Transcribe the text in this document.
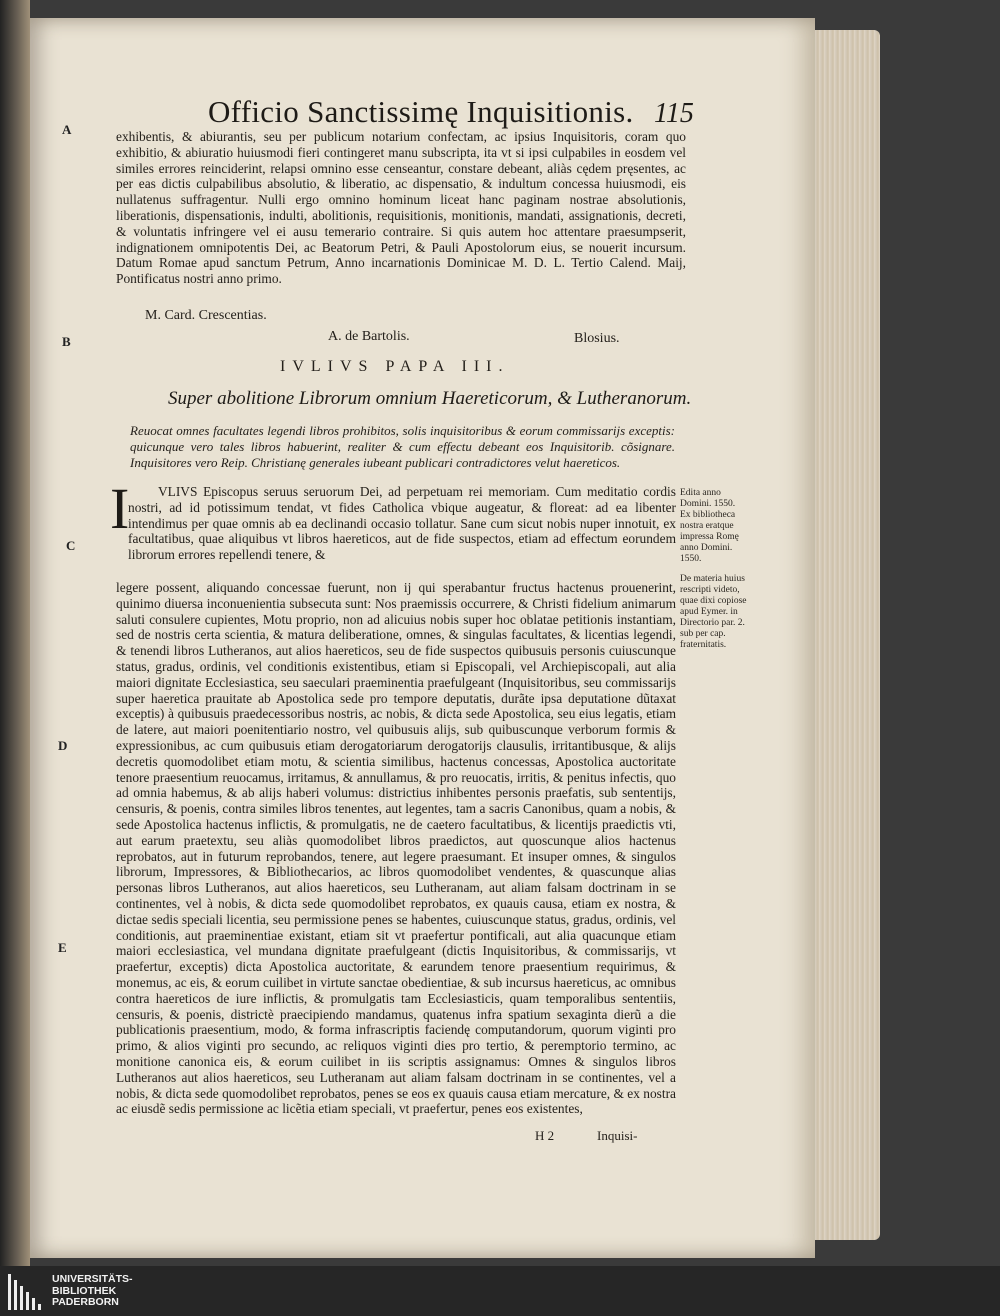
Officio Sanctissimę Inquisitionis. 115
A
B
C
D
E
exhibentis, & abiurantis, seu per publicum notarium confectam, ac ipsius Inquisitoris, coram quo exhibitio, & abiuratio huiusmodi fieri contingeret manu subscripta, ita vt si ipsi culpabiles in eosdem vel similes errores reinciderint, relapsi omnino esse censeantur, constare debeant, aliàs cędem pręsentes, ac per eas dictis culpabilibus absolutio, & liberatio, ac dispensatio, & indultum concessa huiusmodi, eis nullatenus suffragentur. Nulli ergo omnino hominum liceat hanc paginam nostrae absolutionis, liberationis, dispensationis, indulti, abolitionis, requisitionis, monitionis, mandati, assignationis, decreti, & voluntatis infringere vel ei ausu temerario contraire. Si quis autem hoc attentare praesumpserit, indignationem omnipotentis Dei, ac Beatorum Petri, & Pauli Apostolorum eius, se nouerit incursum. Datum Romae apud sanctum Petrum, Anno incarnationis Dominicae M. D. L. Tertio Calend. Maij, Pontificatus nostri anno primo.
M. Card. Crescentias.
A. de Bartolis.	Blosius.
IVLIVS PAPA III.
Super abolitione Librorum omnium Haereticorum, & Lutheranorum.
Reuocat omnes facultates legendi libros prohibitos, solis inquisitoribus & eorum commissarijs exceptis: quicunque vero tales libros habuerint, realiter & cum effectu debeant eos Inquisitorib. cõsignare. Inquisitores vero Reip. Christianę generales iubeant publicari contradictores velut haereticos.
I	VLIVS Episcopus seruus seruorum Dei, ad perpetuam rei memoriam. Cum meditatio cordis nostri, ad id potissimum tendat, vt fides Catholica vbique augeatur, & floreat: ad ea libenter intendimus per quae omnis ab ea declinandi occasio tollatur. Sane cum sicut nobis nuper innotuit, ex facultatibus, quae aliquibus vt libros haereticos, aut de fide suspectos, etiam ad effectum eorundem librorum errores repellendi tenere, &
legere possent, aliquando concessae fuerunt, non ij qui sperabantur fructus hactenus prouenerint, quinimo diuersa inconuenientia subsecuta sunt: Nos praemissis occurrere, & Christi fidelium animarum saluti consulere cupientes, Motu proprio, non ad alicuius nobis super hoc oblatae petitionis instantiam, sed de nostris certa scientia, & matura deliberatione, omnes, & singulas facultates, & licentias legendi, & tenendi libros Lutheranos, aut alios haereticos, seu de fide suspectos quibusuis personis cuiuscunque status, gradus, ordinis, vel conditionis existentibus, etiam si Episcopali, vel Archiepiscopali, aut alia maiori dignitate Ecclesiastica, seu saeculari praeminentia praefulgeant (Inquisitoribus, seu commissarijs super haeretica prauitate ab Apostolica sede pro tempore deputatis, durãte ipsa deputatione dũtaxat exceptis) à quibusuis praedecessoribus nostris, ac nobis, & dicta sede Apostolica, seu eius legatis, etiam de latere, aut maiori poenitentiario nostro, vel quibusuis alijs, sub quibuscunque verborum formis & expressionibus, ac cum quibusuis etiam derogatoriarum derogatorijs clausulis, irritantibusque, & alijs decretis quomodolibet etiam motu, & scientia similibus, hactenus concessas, Apostolica auctoritate tenore praesentium reuocamus, irritamus, & annullamus, & pro reuocatis, irritis, & penitus infectis, quo ad omnia habemus, & ab alijs haberi volumus: districtius inhibentes personis praefatis, sub sententijs, censuris, & poenis, contra similes libros tenentes, aut legentes, tam a sacris Canonibus, quam a nobis, & sede Apostolica hactenus inflictis, & promulgatis, ne de caetero facultatibus, & licentijs praedictis vti, aut earum praetextu, seu aliàs quomodolibet libros praedictos, aut quoscunque alios hactenus reprobatos, aut in futurum reprobandos, tenere, aut legere praesumant. Et insuper omnes, & singulos librorum, Impressores, & Bibliothecarios, ac libros quomodolibet vendentes, & quascunque alias personas libros Lutheranos, aut alios haereticos, seu Lutheranam, aut aliam falsam doctrinam in se continentes, vel à nobis, & dicta sede quomodolibet reprobatos, ex quauis causa, etiam ex nostra, & dictae sedis speciali licentia, seu permissione penes se habentes, cuiuscunque status, gradus, ordinis, vel conditionis, aut praeminentiae existant, etiam sit vt praefertur pontificali, aut alia quacunque etiam maiori ecclesiastica, vel mundana dignitate praefulgeant (dictis Inquisitoribus, & commissarijs, vt praefertur, exceptis) dicta Apostolica auctoritate, & earundem tenore praesentium requirimus, & monemus, ac eis, & eorum cuilibet in virtute sanctae obedientiae, & sub incursus haereticus, ac omnibus contra haereticos de iure inflictis, & promulgatis tam Ecclesiasticis, quam temporalibus sententiis, censuris, & poenis, districtè praecipiendo mandamus, quatenus infra spatium sexaginta dierũ a die publicationis praesentium, modo, & forma infrascriptis faciendę computandorum, quorum viginti pro primo, & alios viginti pro secundo, ac reliquos viginti dies pro tertio, & peremptorio termino, ac monitione canonica eis, & eorum cuilibet in iis scriptis assignamus: Omnes & singulos libros Lutheranos aut alios haereticos, seu Lutheranam aut aliam falsam doctrinam in se continentes, vel a nobis, & dicta sede quomodolibet reprobatos, penes se eos ex quauis causa etiam mercature, & ex nostra ac eiusdẽ sedis permissione ac licẽtia etiam speciali, vt praefertur, penes eos existentes,
Edita anno Domini. 1550. Ex bibliotheca nostra eratque impressa Romę anno Domini. 1550.
De materia huius rescripti videto, quae dixi copiose apud Eymer. in Directorio par. 2. sub per cap. fraternitatis.
H 2	Inquisi-
UNIVERSITÄTS-
BIBLIOTHEK
PADERBORN
